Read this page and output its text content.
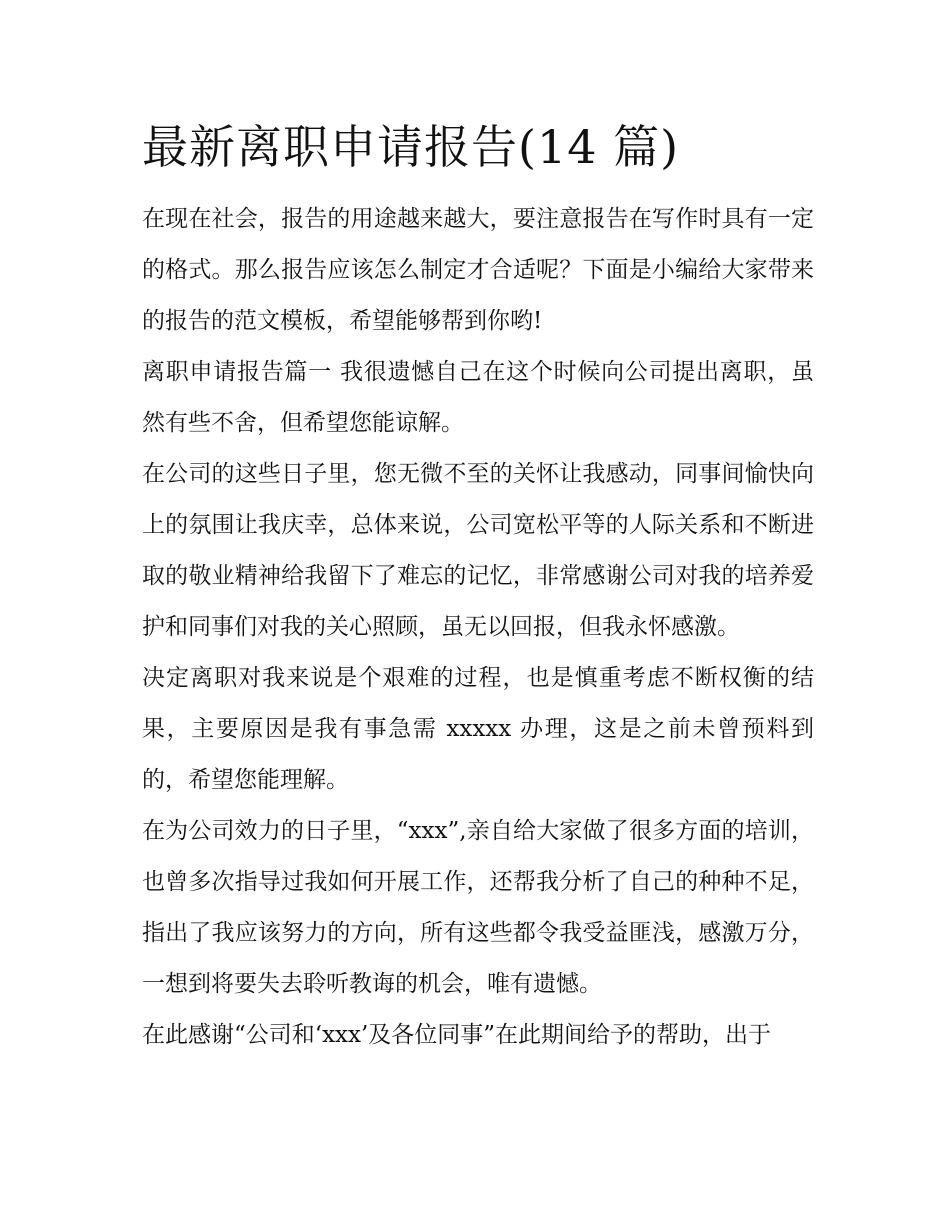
最新离职申请报告(14 篇)

在现在社会，报告的用途越来越大，要注意报告在写作时具有一定的格式。那么报告应该怎么制定才合适呢？下面是小编给大家带来的报告的范文模板，希望能够帮到你哟!

离职申请报告篇一 我很遗憾自己在这个时候向公司提出离职，虽然有些不舍，但希望您能谅解。

在公司的这些日子里，您无微不至的关怀让我感动，同事间愉快向上的氛围让我庆幸，总体来说，公司宽松平等的人际关系和不断进取的敬业精神给我留下了难忘的记忆，非常感谢公司对我的培养爱护和同事们对我的关心照顾，虽无以回报，但我永怀感激。

决定离职对我来说是个艰难的过程，也是慎重考虑不断权衡的结果，主要原因是我有事急需 xxxxx 办理，这是之前未曾预料到的，希望您能理解。

在为公司效力的日子里，“xxx”,亲自给大家做了很多方面的培训，也曾多次指导过我如何开展工作，还帮我分析了自己的种种不足，指出了我应该努力的方向，所有这些都令我受益匪浅，感激万分，一想到将要失去聆听教诲的机会，唯有遗憾。

在此感谢“公司和‘xxx’及各位同事”在此期间给予的帮助，出于
